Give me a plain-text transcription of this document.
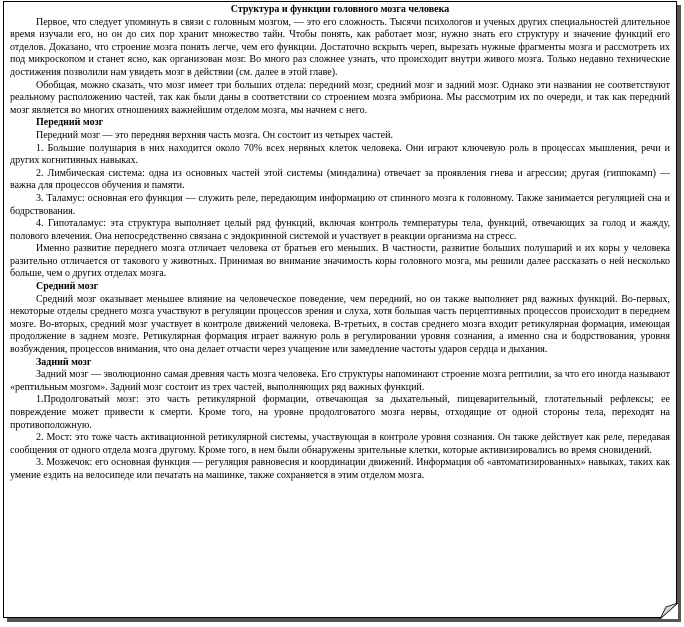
Структура и функции головного мозга человека

Первое, что следует упомянуть в связи с головным мозгом, — это его сложность. Тысячи психологов и ученых других специальностей длительное время изучали его, но он до сих пор хранит множество тайн. Чтобы понять, как работает мозг, нужно знать его структуру и значение функций его отделов. Доказано, что строение мозга понять легче, чем его функции. Достаточно вскрыть череп, вырезать нужные фрагменты мозга и рассмотреть их под микроскопом и станет ясно, как организован мозг. Во много раз сложнее узнать, что происходит внутри живого мозга. Только недавно технические достижения позволили нам увидеть мозг в действии (см. далее в этой главе).

Обобщая, можно сказать, что мозг имеет три больших отдела: передний мозг, средний мозг и задний мозг. Однако эти названия не соответствуют реальному расположению частей, так как были даны в соответствии со строением мозга эмбриона. Мы рассмотрим их по очереди, и так как передний мозг является во многих отношениях важнейшим отделом мозга, мы начнем с него.

Передний мозг

Передний мозг — это передняя верхняя часть мозга. Он состоит из четырех частей.

1. Большие полушария в них находится около 70% всех нервных клеток человека. Они играют ключевую роль в процессах мышления, речи и других когнитивных навыках.

2. Лимбическая система: одна из основных частей этой системы (миндалина) отвечает за проявления гнева и агрессии; другая (гиппокамп) — важна для процессов обучения и памяти.

3. Таламус: основная его функция — служить реле, передающим информацию от спинного мозга к головному. Также занимается регуляцией сна и бодрствования.

4. Гипоталамус: эта структура выполняет целый ряд функций, включая контроль температуры тела, функций, отвечающих за голод и жажду, полового влечения. Она непосредственно связана с эндокринной системой и участвует в реакции организма на стресс.

Именно развитие переднего мозга отличает человека от братьев его меньших. В частности, развитие больших полушарий и их коры у человека разительно отличается от такового у животных. Принимая во внимание значимость коры головного мозга, мы решили далее рассказать о ней несколько больше, чем о других отделах мозга.

Средний мозг

Средний мозг оказывает меньшее влияние на человеческое поведение, чем передний, но он также выполняет ряд важных функций. Во-первых, некоторые отделы среднего мозга участвуют в регуляции процессов зрения и слуха, хотя большая часть перцептивных процессов происходит в переднем мозге. Во-вторых, средний мозг участвует в контроле движений человека. В-третьих, в состав среднего мозга входит ретикулярная формация, имеющая продолжение в заднем мозге. Ретикулярная формация играет важную роль в регулировании уровня сознания, а именно сна и бодрствования, уровня возбуждения, процессов внимания, что она делает отчасти через учащение или замедление частоты ударов сердца и дыхания.

Задний мозг

Задний мозг — эволюционно самая древняя часть мозга человека. Его структуры напоминают строение мозга рептилии, за что его иногда называют «рептильным мозгом». Задний мозг состоит из трех частей, выполняющих ряд важных функций.

1.Продолговатый мозг: это часть ретикулярной формации, отвечающая за дыхательный, пищеварительный, глотательный рефлексы; ее повреждение может привести к смерти. Кроме того, на уровне продолговатого мозга нервы, отходящие от одной стороны тела, переходят на противоположную.

2. Мост: это тоже часть активационной ретикулярной системы, участвующая в контроле уровня сознания. Он также действует как реле, передавая сообщения от одного отдела мозга другому. Кроме того, в нем были обнаружены зрительные клетки, которые активизировались во время сновидений.

3. Мозжечок: его основная функция — регуляция равновесия и координации движений. Информация об «автоматизированных» навыках, таких как умение ездить на велосипеде или печатать на машинке, также сохраняется в этим отделом мозга.
